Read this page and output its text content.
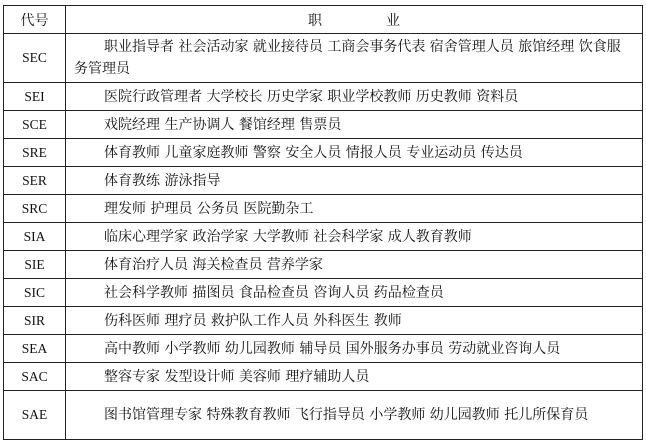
代号	职业
SEC	职业指导者 社会活动家 就业接待员 工商会事务代表 宿舍管理人员 旅馆经理 饮食服务管理员
SEI	医院行政管理者 大学校长 历史学家 职业学校教师 历史教师 资料员
SCE	戏院经理 生产协调人 餐馆经理 售票员
SRE	体育教师 儿童家庭教师 警察 安全人员 情报人员 专业运动员 传达员
SER	体育教练 游泳指导
SRC	理发师 护理员 公务员 医院勤杂工
SIA	临床心理学家 政治学家 大学教师 社会科学家 成人教育教师
SIE	体育治疗人员 海关检查员 营养学家
SIC	社会科学教师 描图员 食品检查员 咨询人员 药品检查员
SIR	伤科医师 理疗员 救护队工作人员 外科医生 教师
SEA	高中教师 小学教师 幼儿园教师 辅导员 国外服务办事员 劳动就业咨询人员
SAC	整容专家 发型设计师 美容师 理疗辅助人员
SAE	图书馆管理专家 特殊教育教师 飞行指导员 小学教师 幼儿园教师 托儿所保育员
